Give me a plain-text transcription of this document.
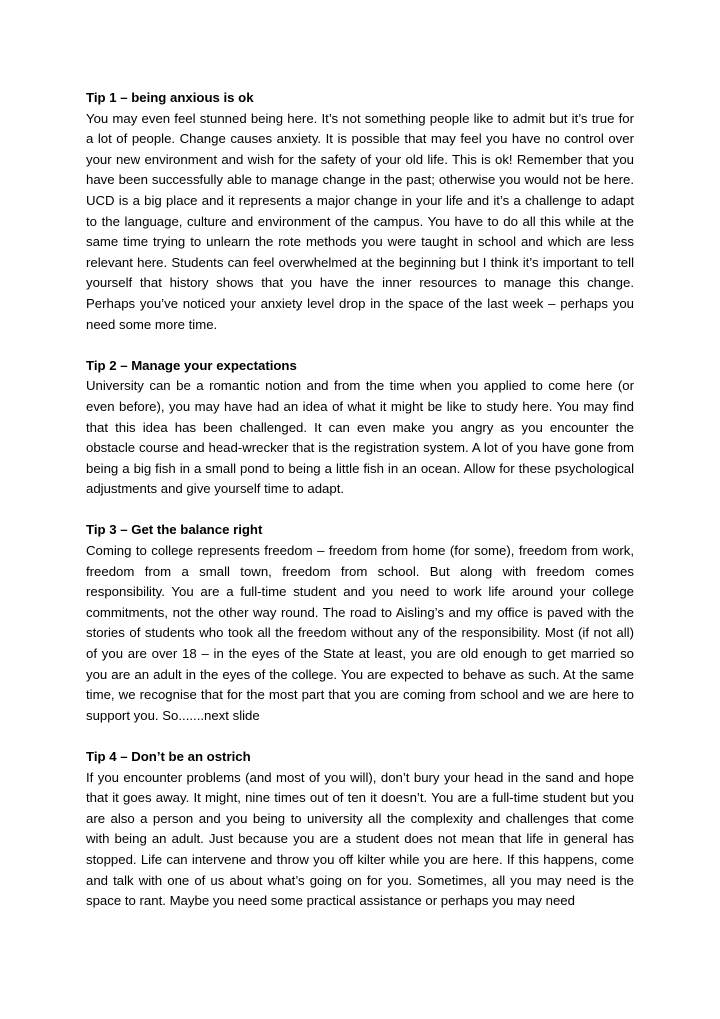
Tip 1 – being anxious is ok

You may even feel stunned being here. It’s not something people like to admit but it’s true for a lot of people. Change causes anxiety. It is possible that may feel you have no control over your new environment and wish for the safety of your old life. This is ok! Remember that you have been successfully able to manage change in the past; otherwise you would not be here. UCD is a big place and it represents a major change in your life and it’s a challenge to adapt to the language, culture and environment of the campus. You have to do all this while at the same time trying to unlearn the rote methods you were taught in school and which are less relevant here. Students can feel overwhelmed at the beginning but I think it’s important to tell yourself that history shows that you have the inner resources to manage this change. Perhaps you’ve noticed your anxiety level drop in the space of the last week – perhaps you need some more time.

Tip 2 – Manage your expectations

University can be a romantic notion and from the time when you applied to come here (or even before), you may have had an idea of what it might be like to study here. You may find that this idea has been challenged. It can even make you angry as you encounter the obstacle course and head-wrecker that is the registration system. A lot of you have gone from being a big fish in a small pond to being a little fish in an ocean. Allow for these psychological adjustments and give yourself time to adapt.

Tip 3 – Get the balance right

Coming to college represents freedom – freedom from home (for some), freedom from work, freedom from a small town, freedom from school. But along with freedom comes responsibility. You are a full-time student and you need to work life around your college commitments, not the other way round. The road to Aisling’s and my office is paved with the stories of students who took all the freedom without any of the responsibility. Most (if not all) of you are over 18 – in the eyes of the State at least, you are old enough to get married so you are an adult in the eyes of the college. You are expected to behave as such. At the same time, we recognise that for the most part that you are coming from school and we are here to support you. So.......next slide

Tip 4 – Don’t be an ostrich

If you encounter problems (and most of you will), don’t bury your head in the sand and hope that it goes away. It might, nine times out of ten it doesn’t. You are a full-time student but you are also a person and you being to university all the complexity and challenges that come with being an adult. Just because you are a student does not mean that life in general has stopped. Life can intervene and throw you off kilter while you are here. If this happens, come and talk with one of us about what’s going on for you. Sometimes, all you may need is the space to rant. Maybe you need some practical assistance or perhaps you may need
